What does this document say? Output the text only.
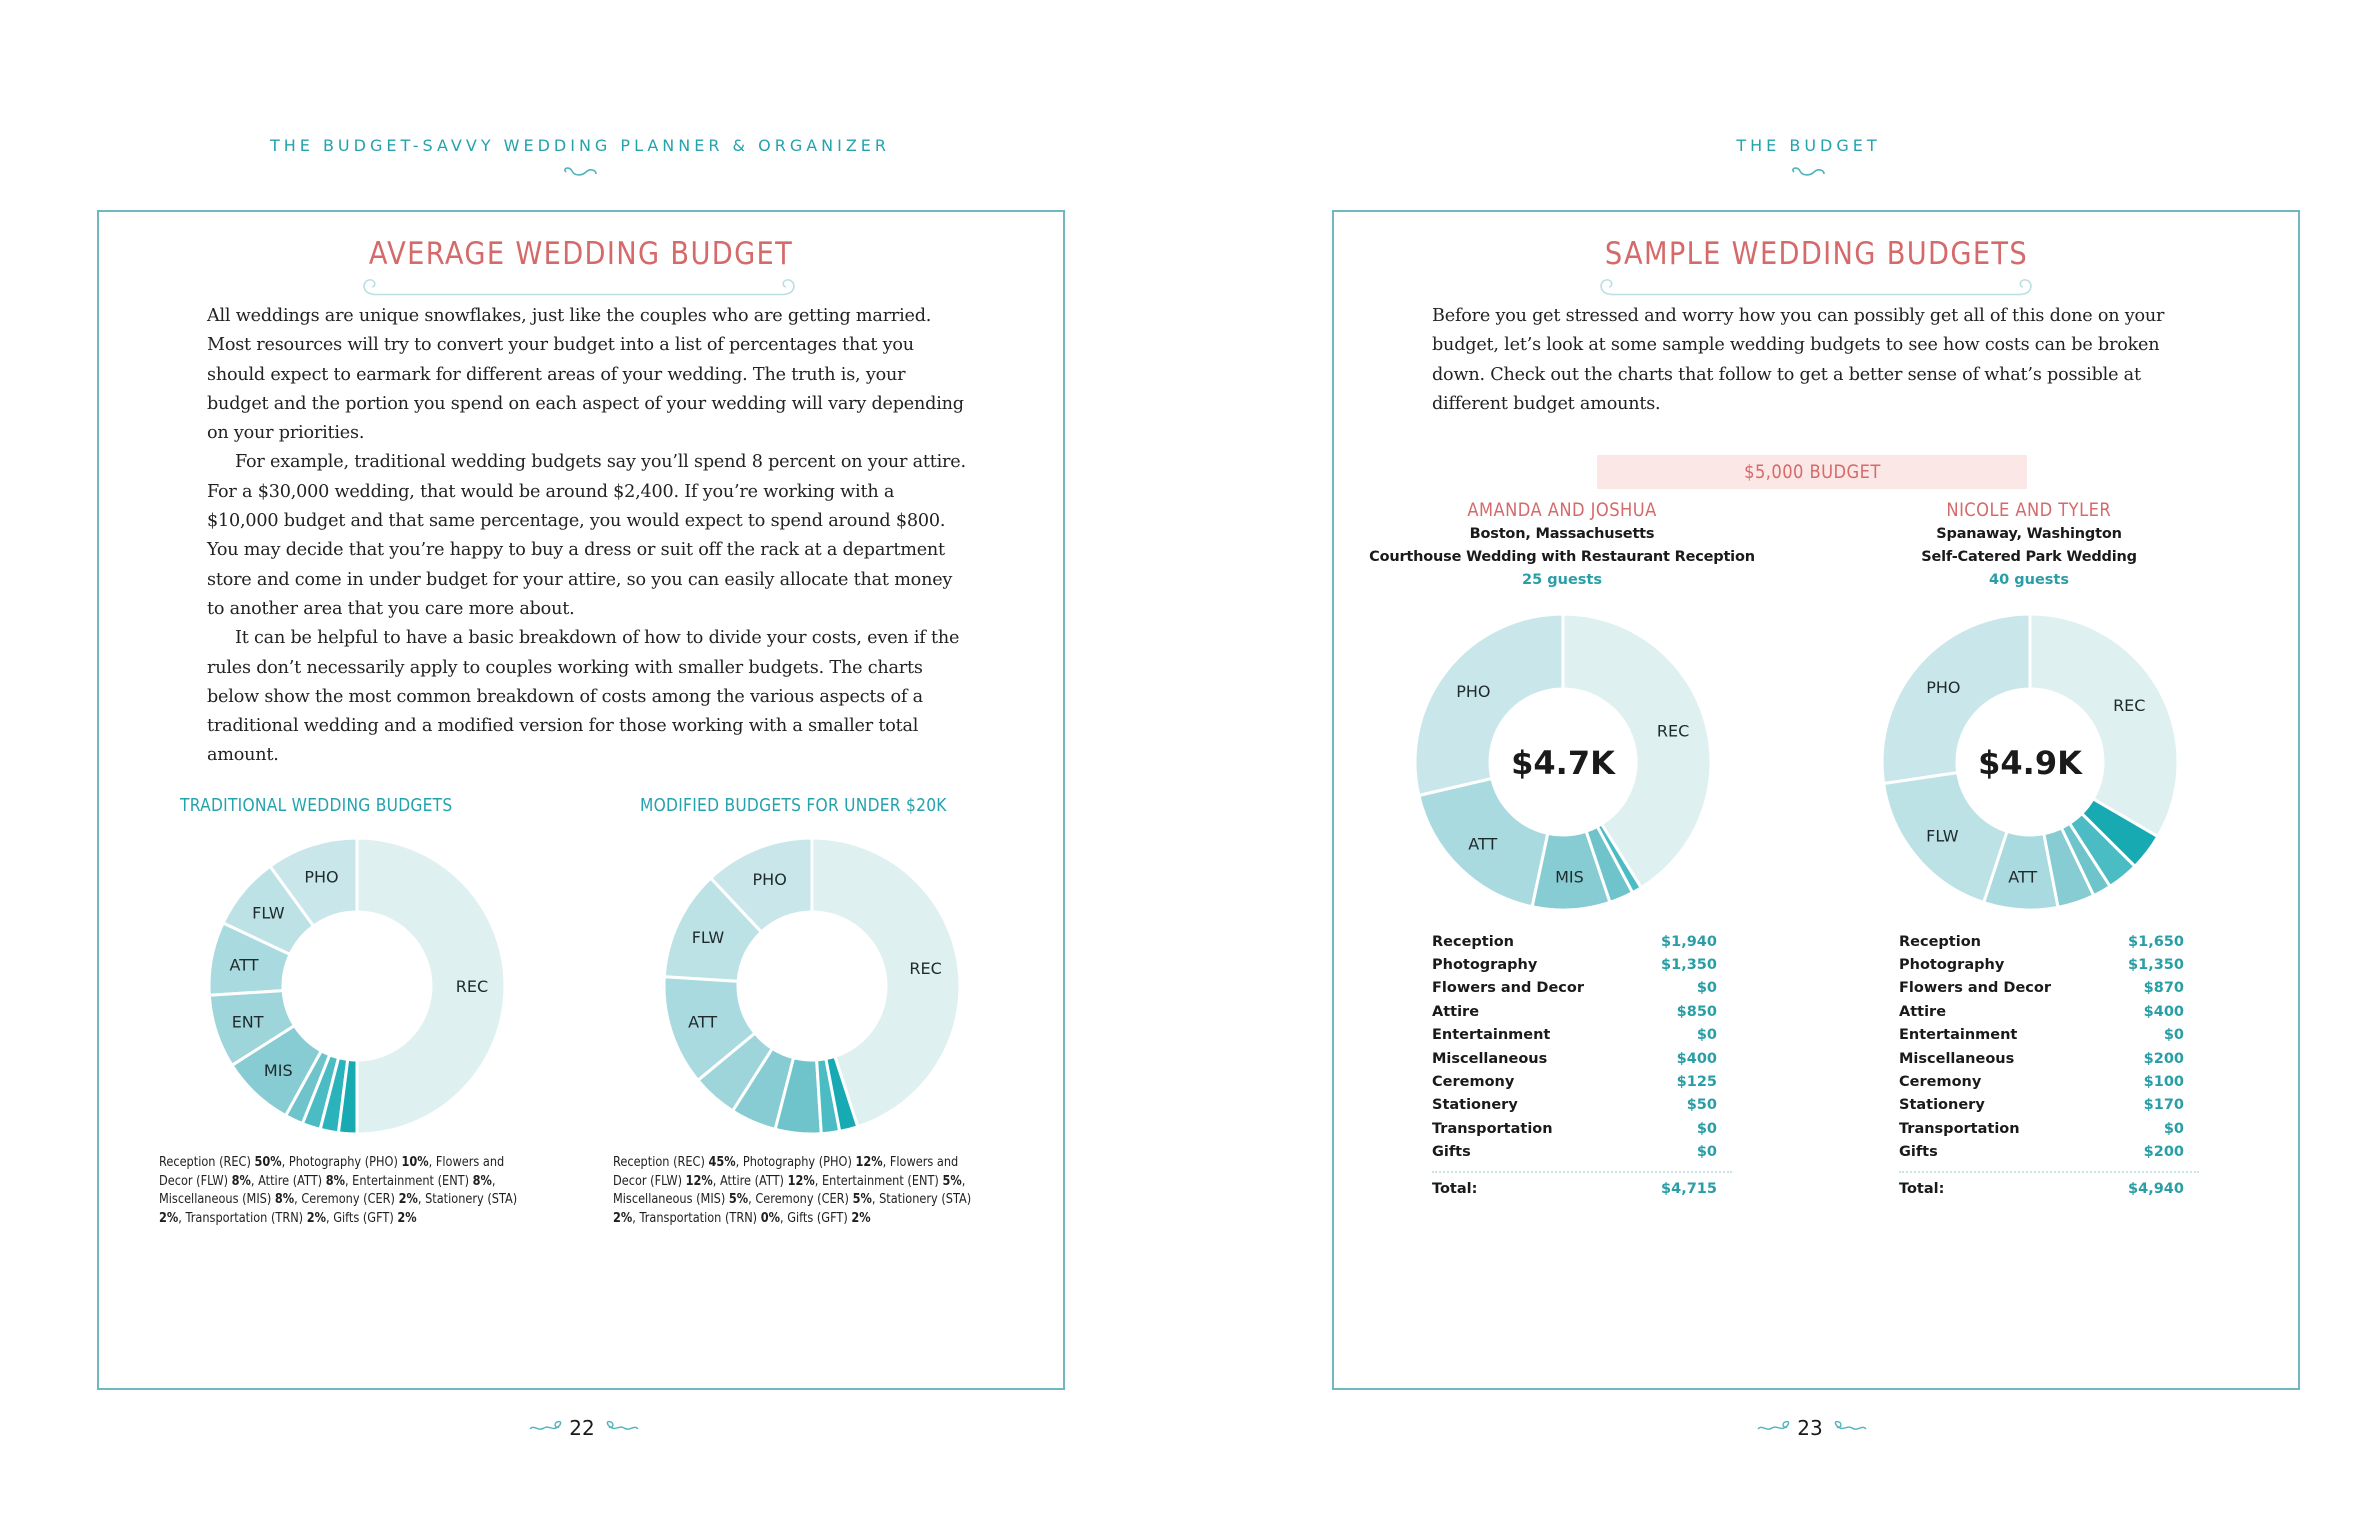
THE BUDGET-SAVVY WEDDING PLANNER & ORGANIZER
AVERAGE WEDDING BUDGET

All weddings are unique snowflakes, just like the couples who are getting married. Most resources will try to convert your budget into a list of percentages that you should expect to earmark for different areas of your wedding. The truth is, your budget and the portion you spend on each aspect of your wedding will vary depending on your priorities.

For example, traditional wedding budgets say you’ll spend 8 percent on your attire. For a $30,000 wedding, that would be around $2,400. If you’re working with a $10,000 budget and that same percentage, you would expect to spend around $800. You may decide that you’re happy to buy a dress or suit off the rack at a department store and come in under budget for your attire, so you can easily allocate that money to another area that you care more about.

It can be helpful to have a basic breakdown of how to divide your costs, even if the rules don’t necessarily apply to couples working with smaller budgets. The charts below show the most common breakdown of costs among the various aspects of a traditional wedding and a modified version for those working with a smaller total amount.

TRADITIONAL WEDDING BUDGETS
REC
PHO
FLW
ATT
ENT
MIS
Reception (REC) 50%, Photography (PHO) 10%, Flowers and Decor (FLW) 8%, Attire (ATT) 8%, Entertainment (ENT) 8%, Miscellaneous (MIS) 8%, Ceremony (CER) 2%, Stationery (STA) 2%, Transportation (TRN) 2%, Gifts (GFT) 2%
MODIFIED BUDGETS FOR UNDER $20K
REC
PHO
FLW
ATT
Reception (REC) 45%, Photography (PHO) 12%, Flowers and Decor (FLW) 12%, Attire (ATT) 12%, Entertainment (ENT) 5%, Miscellaneous (MIS) 5%, Ceremony (CER) 5%, Stationery (STA) 2%, Transportation (TRN) 0%, Gifts (GFT) 2%
22
THE BUDGET
SAMPLE WEDDING BUDGETS

Before you get stressed and worry how you can possibly get all of this done on your budget, let’s look at some sample wedding budgets to see how costs can be broken down. Check out the charts that follow to get a better sense of what’s possible at different budget amounts.

$5,000 BUDGET
AMANDA AND JOSHUA
Boston, Massachusetts
Courthouse Wedding with Restaurant Reception
25 guests
REC
PHO
ATT
MIS
$4.7K
Reception	$1,940
Photography	$1,350
Flowers and Decor	$0
Attire	$850
Entertainment	$0
Miscellaneous	$400
Ceremony	$125
Stationery	$50
Transportation	$0
Gifts	$0
Total:	$4,715
NICOLE AND TYLER
Spanaway, Washington
Self-Catered Park Wedding
40 guests
REC
PHO
FLW
ATT
$4.9K
Reception	$1,650
Photography	$1,350
Flowers and Decor	$870
Attire	$400
Entertainment	$0
Miscellaneous	$200
Ceremony	$100
Stationery	$170
Transportation	$0
Gifts	$200
Total:	$4,940
23
